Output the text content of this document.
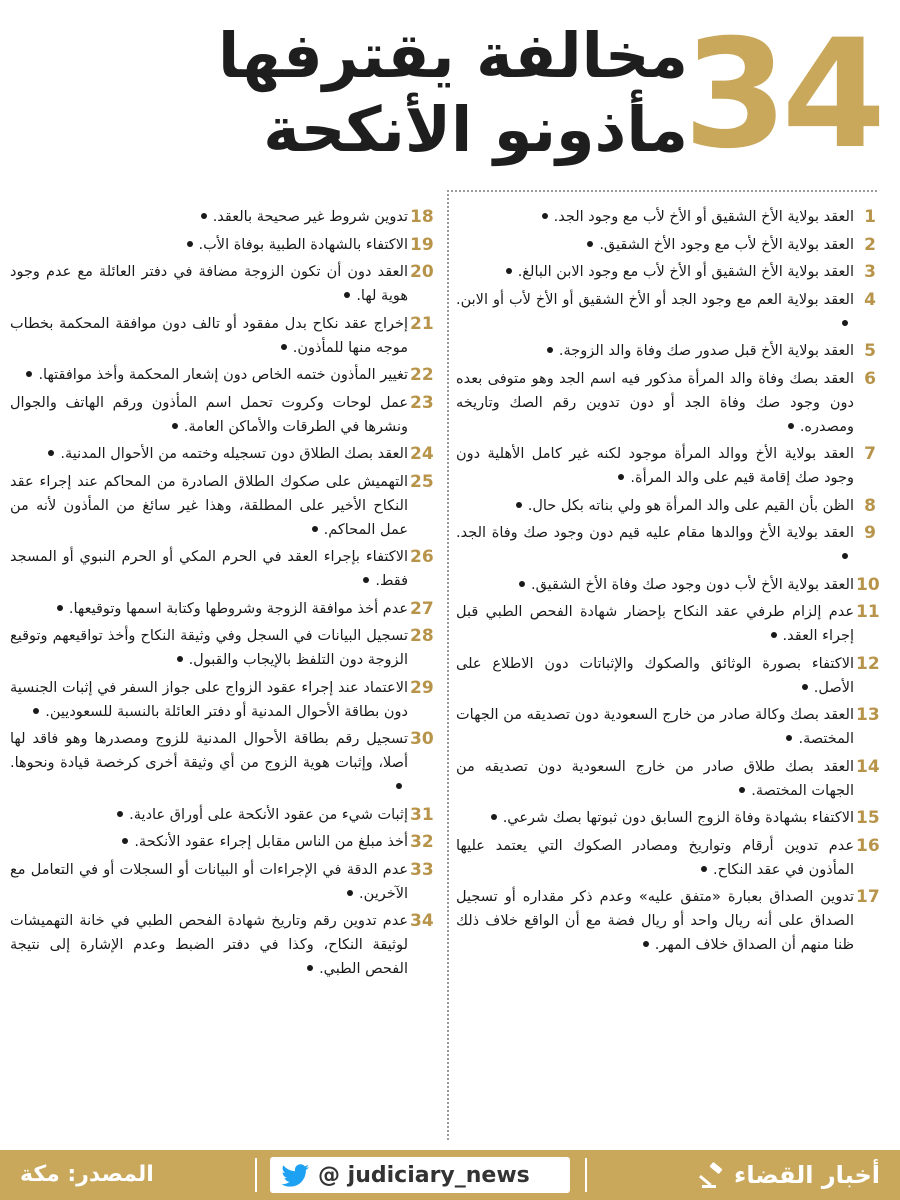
34
مخالفة يقترفها
مأذونو الأنكحة
1
العقد بولاية الأخ الشقيق أو الأخ لأب مع وجود الجد.
2
العقد بولاية الأخ لأب مع وجود الأخ الشقيق.
3
العقد بولاية الأخ الشقيق أو الأخ لأب مع وجود الابن البالغ.
4
العقد بولاية العم مع وجود الجد أو الأخ الشقيق أو الأخ لأب أو الابن.
5
العقد بولاية الأخ قبل صدور صك وفاة والد الزوجة.
6
العقد بصك وفاة والد المرأة مذكور فيه اسم الجد وهو متوفى بعده دون وجود صك وفاة الجد أو دون تدوين رقم الصك وتاريخه ومصدره.
7
العقد بولاية الأخ ووالد المرأة موجود لكنه غير كامل الأهلية دون وجود صك إقامة قيم على والد المرأة.
8
الظن بأن القيم على والد المرأة هو ولي بناته بكل حال.
9
العقد بولاية الأخ ووالدها مقام عليه قيم دون وجود صك وفاة الجد.
10
العقد بولاية الأخ لأب دون وجود صك وفاة الأخ الشقيق.
11
عدم إلزام طرفي عقد النكاح بإحضار شهادة الفحص الطبي قبل إجراء العقد.
12
الاكتفاء بصورة الوثائق والصكوك والإثباتات دون الاطلاع على الأصل.
13
العقد بصك وكالة صادر من خارج السعودية دون تصديقه من الجهات المختصة.
14
العقد بصك طلاق صادر من خارج السعودية دون تصديقه من الجهات المختصة.
15
الاكتفاء بشهادة وفاة الزوج السابق دون ثبوتها بصك شرعي.
16
عدم تدوين أرقام وتواريخ ومصادر الصكوك التي يعتمد عليها المأذون في عقد النكاح.
17
تدوين الصداق بعبارة «متفق عليه» وعدم ذكر مقداره أو تسجيل الصداق على أنه ريال واحد أو ريال فضة مع أن الواقع خلاف ذلك ظنا منهم أن الصداق خلاف المهر.
18
تدوين شروط غير صحيحة بالعقد.
19
الاكتفاء بالشهادة الطبية بوفاة الأب.
20
العقد دون أن تكون الزوجة مضافة في دفتر العائلة مع عدم وجود هوية لها.
21
إخراج عقد نكاح بدل مفقود أو تالف دون موافقة المحكمة بخطاب موجه منها للمأذون.
22
تغيير المأذون ختمه الخاص دون إشعار المحكمة وأخذ موافقتها.
23
عمل لوحات وكروت تحمل اسم المأذون ورقم الهاتف والجوال ونشرها في الطرقات والأماكن العامة.
24
العقد بصك الطلاق دون تسجيله وختمه من الأحوال المدنية.
25
التهميش على صكوك الطلاق الصادرة من المحاكم عند إجراء عقد النكاح الأخير على المطلقة، وهذا غير سائغ من المأذون لأنه من عمل المحاكم.
26
الاكتفاء بإجراء العقد في الحرم المكي أو الحرم النبوي أو المسجد فقط.
27
عدم أخذ موافقة الزوجة وشروطها وكتابة اسمها وتوقيعها.
28
تسجيل البيانات في السجل وفي وثيقة النكاح وأخذ تواقيعهم وتوقيع الزوجة دون التلفظ بالإيجاب والقبول.
29
الاعتماد عند إجراء عقود الزواج على جواز السفر في إثبات الجنسية دون بطاقة الأحوال المدنية أو دفتر العائلة بالنسبة للسعوديين.
30
تسجيل رقم بطاقة الأحوال المدنية للزوج ومصدرها وهو فاقد لها أصلا، وإثبات هوية الزوج من أي وثيقة أخرى كرخصة قيادة ونحوها.
31
إثبات شيء من عقود الأنكحة على أوراق عادية.
32
أخذ مبلغ من الناس مقابل إجراء عقود الأنكحة.
33
عدم الدقة في الإجراءات أو البيانات أو السجلات أو في التعامل مع الآخرين.
34
عدم تدوين رقم وتاريخ شهادة الفحص الطبي في خانة التهميشات لوثيقة النكاح، وكذا في دفتر الضبط وعدم الإشارة إلى نتيجة الفحص الطبي.
المصدر: مكة	@ judiciary_news	أخبار القضاء
